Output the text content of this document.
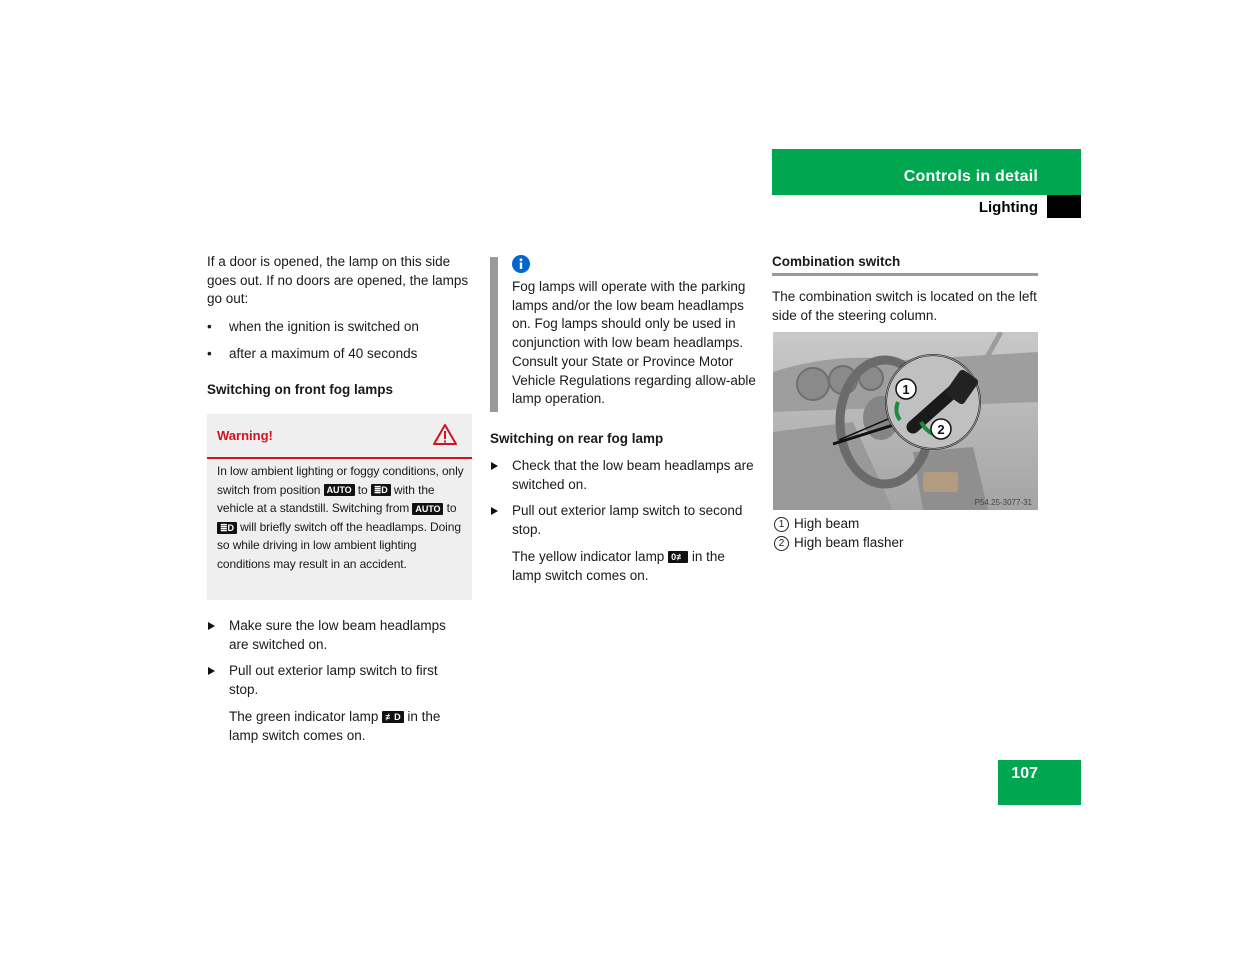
Controls in detail
Lighting
If a door is opened, the lamp on this side goes out. If no doors are opened, the lamps go out:
• when the ignition is switched on
• after a maximum of 40 seconds
Switching on front fog lamps
Warning!
In low ambient lighting or foggy conditions, only switch from position AUTO to ≣D with the vehicle at a standstill. Switching from AUTO to ≣D will briefly switch off the headlamps. Doing so while driving in low ambient lighting conditions may result in an accident.
Make sure the low beam headlamps are switched on.
Pull out exterior lamp switch to first stop.
The green indicator lamp ≢D in the lamp switch comes on.
Fog lamps will operate with the parking lamps and/or the low beam headlamps on. Fog lamps should only be used in conjunction with low beam headlamps. Consult your State or Province Motor Vehicle Regulations regarding allow-able lamp operation.
Switching on rear fog lamp
Check that the low beam headlamps are switched on.
Pull out exterior lamp switch to second stop.
The yellow indicator lamp 0≢ in the lamp switch comes on.
Combination switch
The combination switch is located on the left side of the steering column.
1
2
P54.25-3077-31
1 High beam
2 High beam flasher
107
